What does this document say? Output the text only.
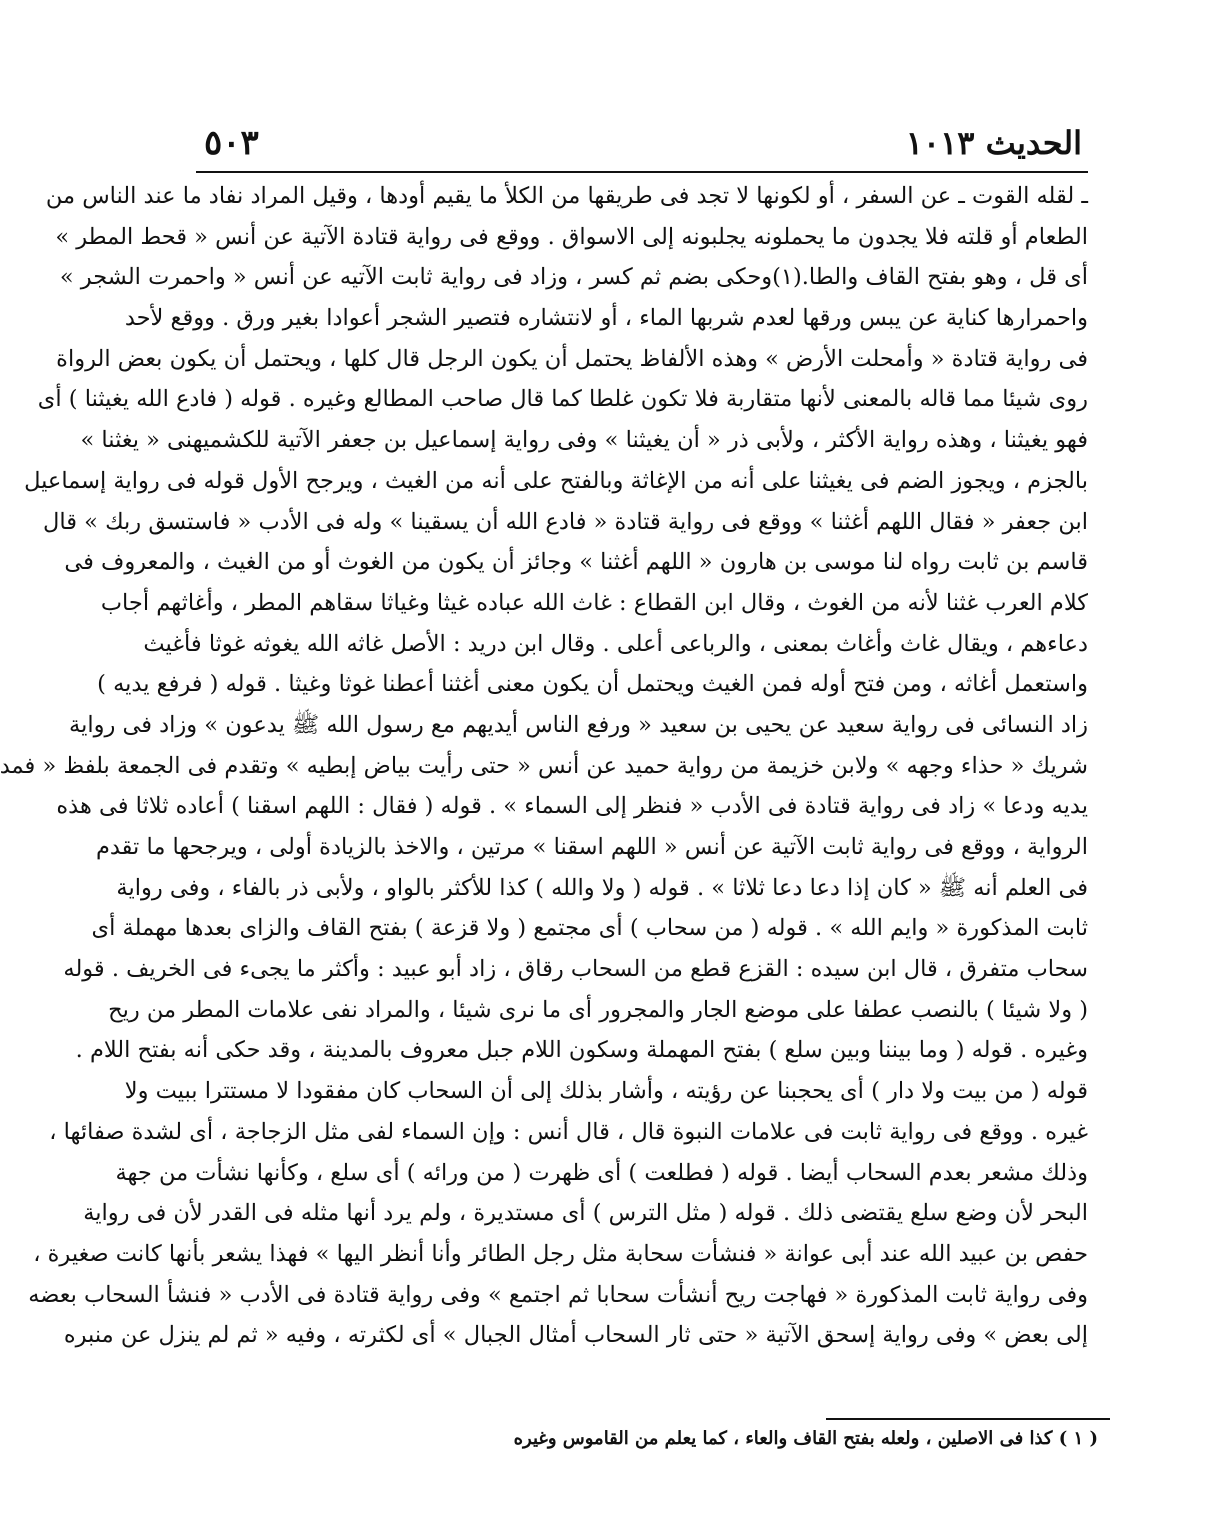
الحديث ١٠١٣
٥٠٣
ـ لقله القوت ـ عن السفر ، أو لكونها لا تجد فى طريقها من الكلأ ما يقيم أودها ، وقيل المراد نفاد ما عند الناس من
الطعام أو قلته فلا يجدون ما يحملونه يجلبونه إلى الاسواق . ووقع فى رواية قتادة الآتية عن أنس « قحط المطر »
أى قل ، وهو بفتح القاف والطا.(١)وحكى بضم ثم كسر ، وزاد فى رواية ثابت الآتيه عن أنس « واحمرت الشجر »
واحمرارها كناية عن يبس ورقها لعدم شربها الماء ، أو لانتشاره فتصير الشجر أعوادا بغير ورق . ووقع لأحد
فى رواية قتادة « وأمحلت الأرض » وهذه الألفاظ يحتمل أن يكون الرجل قال كلها ، ويحتمل أن يكون بعض الرواة
روى شيئا مما قاله بالمعنى لأنها متقاربة فلا تكون غلطا كما قال صاحب المطالع وغيره . قوله ( فادع الله يغيثنا ) أى
فهو يغيثنا ، وهذه رواية الأكثر ، ولأبى ذر « أن يغيثنا » وفى رواية إسماعيل بن جعفر الآتية للكشميهنى « يغثنا »
بالجزم ، ويجوز الضم فى يغيثنا على أنه من الإغاثة وبالفتح على أنه من الغيث ، ويرجح الأول قوله فى رواية إسماعيل
ابن جعفر « فقال اللهم أغثنا » ووقع فى رواية قتادة « فادع الله أن يسقينا » وله فى الأدب « فاستسق ربك » قال
قاسم بن ثابت رواه لنا موسى بن هارون « اللهم أغثنا » وجائز أن يكون من الغوث أو من الغيث ، والمعروف فى
كلام العرب غثنا لأنه من الغوث ، وقال ابن القطاع : غاث الله عباده غيثا وغياثا سقاهم المطر ، وأغاثهم أجاب
دعاءهم ، ويقال غاث وأغاث بمعنى ، والرباعى أعلى . وقال ابن دريد : الأصل غاثه الله يغوثه غوثا فأغيث
واستعمل أغاثه ، ومن فتح أوله فمن الغيث ويحتمل أن يكون معنى أغثنا أعطنا غوثا وغيثا . قوله ( فرفع يديه )
زاد النسائى فى رواية سعيد عن يحيى بن سعيد « ورفع الناس أيديهم مع رسول الله ﷺ يدعون » وزاد فى رواية
شريك « حذاء وجهه » ولابن خزيمة من رواية حميد عن أنس « حتى رأيت بياض إبطيه » وتقدم فى الجمعة بلفظ « فمد
يديه ودعا » زاد فى رواية قتادة فى الأدب « فنظر إلى السماء » . قوله ( فقال : اللهم اسقنا ) أعاده ثلاثا فى هذه
الرواية ، ووقع فى رواية ثابت الآتية عن أنس « اللهم اسقنا » مرتين ، والاخذ بالزيادة أولى ، ويرجحها ما تقدم
فى العلم أنه ﷺ « كان إذا دعا دعا ثلاثا » . قوله ( ولا والله ) كذا للأكثر بالواو ، ولأبى ذر بالفاء ، وفى رواية
ثابت المذكورة « وايم الله » . قوله ( من سحاب ) أى مجتمع ( ولا قزعة ) بفتح القاف والزاى بعدها مهملة أى
سحاب متفرق ، قال ابن سيده : القزع قطع من السحاب رقاق ، زاد أبو عبيد : وأكثر ما يجىء فى الخريف . قوله
( ولا شيئا ) بالنصب عطفا على موضع الجار والمجرور أى ما نرى شيئا ، والمراد نفى علامات المطر من ريح
وغيره . قوله ( وما بيننا وبين سلع ) بفتح المهملة وسكون اللام جبل معروف بالمدينة ، وقد حكى أنه بفتح اللام .
قوله ( من بيت ولا دار ) أى يحجبنا عن رؤيته ، وأشار بذلك إلى أن السحاب كان مفقودا لا مستترا ببيت ولا
غيره . ووقع فى رواية ثابت فى علامات النبوة قال ، قال أنس : وإن السماء لفى مثل الزجاجة ، أى لشدة صفائها ،
وذلك مشعر بعدم السحاب أيضا . قوله ( فطلعت ) أى ظهرت ( من ورائه ) أى سلع ، وكأنها نشأت من جهة
البحر لأن وضع سلع يقتضى ذلك . قوله ( مثل الترس ) أى مستديرة ، ولم يرد أنها مثله فى القدر لأن فى رواية
حفص بن عبيد الله عند أبى عوانة « فنشأت سحابة مثل رجل الطائر وأنا أنظر اليها » فهذا يشعر بأنها كانت صغيرة ،
وفى رواية ثابت المذكورة « فهاجت ريح أنشأت سحابا ثم اجتمع » وفى رواية قتادة فى الأدب « فنشأ السحاب بعضه
إلى بعض » وفى رواية إسحق الآتية « حتى ثار السحاب أمثال الجبال » أى لكثرته ، وفيه « ثم لم ينزل عن منبره
( ١ ) كذا فى الاصلين ، ولعله بفتح القاف والعاء ، كما يعلم من القاموس وغيره
